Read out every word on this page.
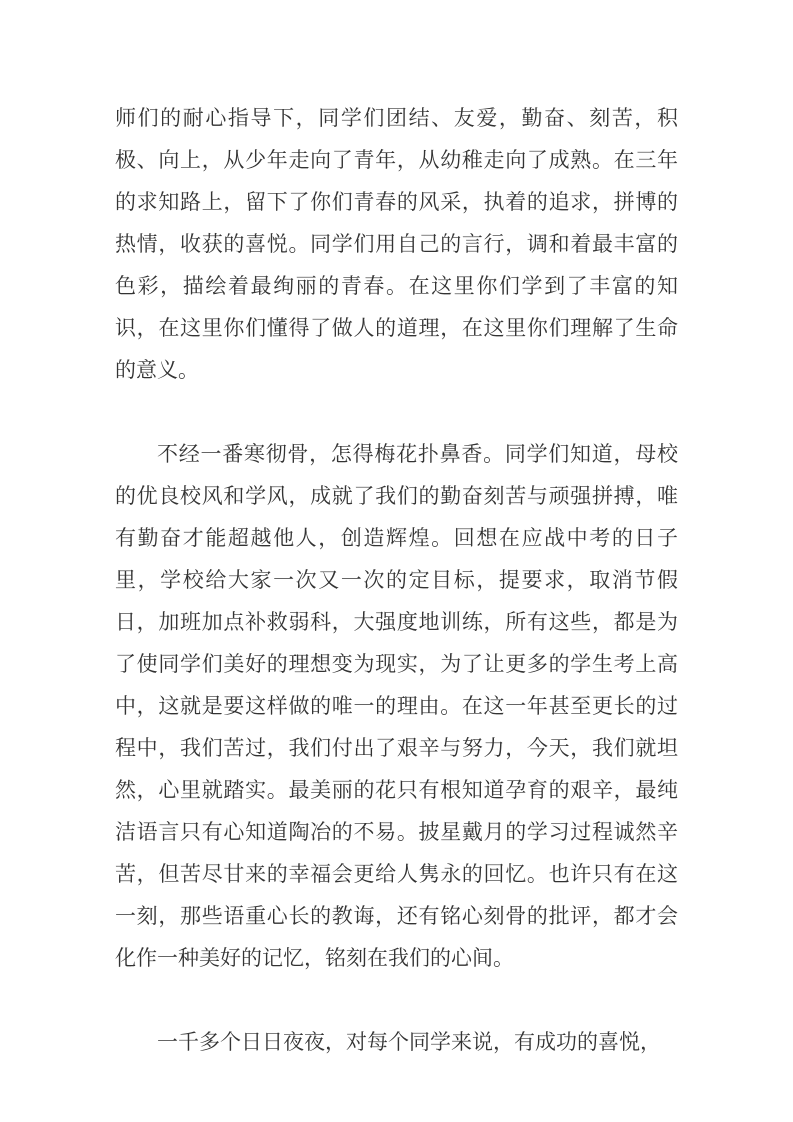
师们的耐心指导下，同学们团结、友爱，勤奋、刻苦，积极、向上，从少年走向了青年，从幼稚走向了成熟。在三年的求知路上，留下了你们青春的风采，执着的追求，拼博的热情，收获的喜悦。同学们用自己的言行，调和着最丰富的色彩，描绘着最绚丽的青春。在这里你们学到了丰富的知识，在这里你们懂得了做人的道理，在这里你们理解了生命的意义。

不经一番寒彻骨，怎得梅花扑鼻香。同学们知道，母校的优良校风和学风，成就了我们的勤奋刻苦与顽强拼搏，唯有勤奋才能超越他人，创造辉煌。回想在应战中考的日子里，学校给大家一次又一次的定目标，提要求，取消节假日，加班加点补救弱科，大强度地训练，所有这些，都是为了使同学们美好的理想变为现实，为了让更多的学生考上高中，这就是要这样做的唯一的理由。在这一年甚至更长的过程中，我们苦过，我们付出了艰辛与努力，今天，我们就坦然，心里就踏实。最美丽的花只有根知道孕育的艰辛，最纯洁语言只有心知道陶冶的不易。披星戴月的学习过程诚然辛苦，但苦尽甘来的幸福会更给人隽永的回忆。也许只有在这一刻，那些语重心长的教诲，还有铭心刻骨的批评，都才会化作一种美好的记忆，铭刻在我们的心间。

一千多个日日夜夜，对每个同学来说，有成功的喜悦，
